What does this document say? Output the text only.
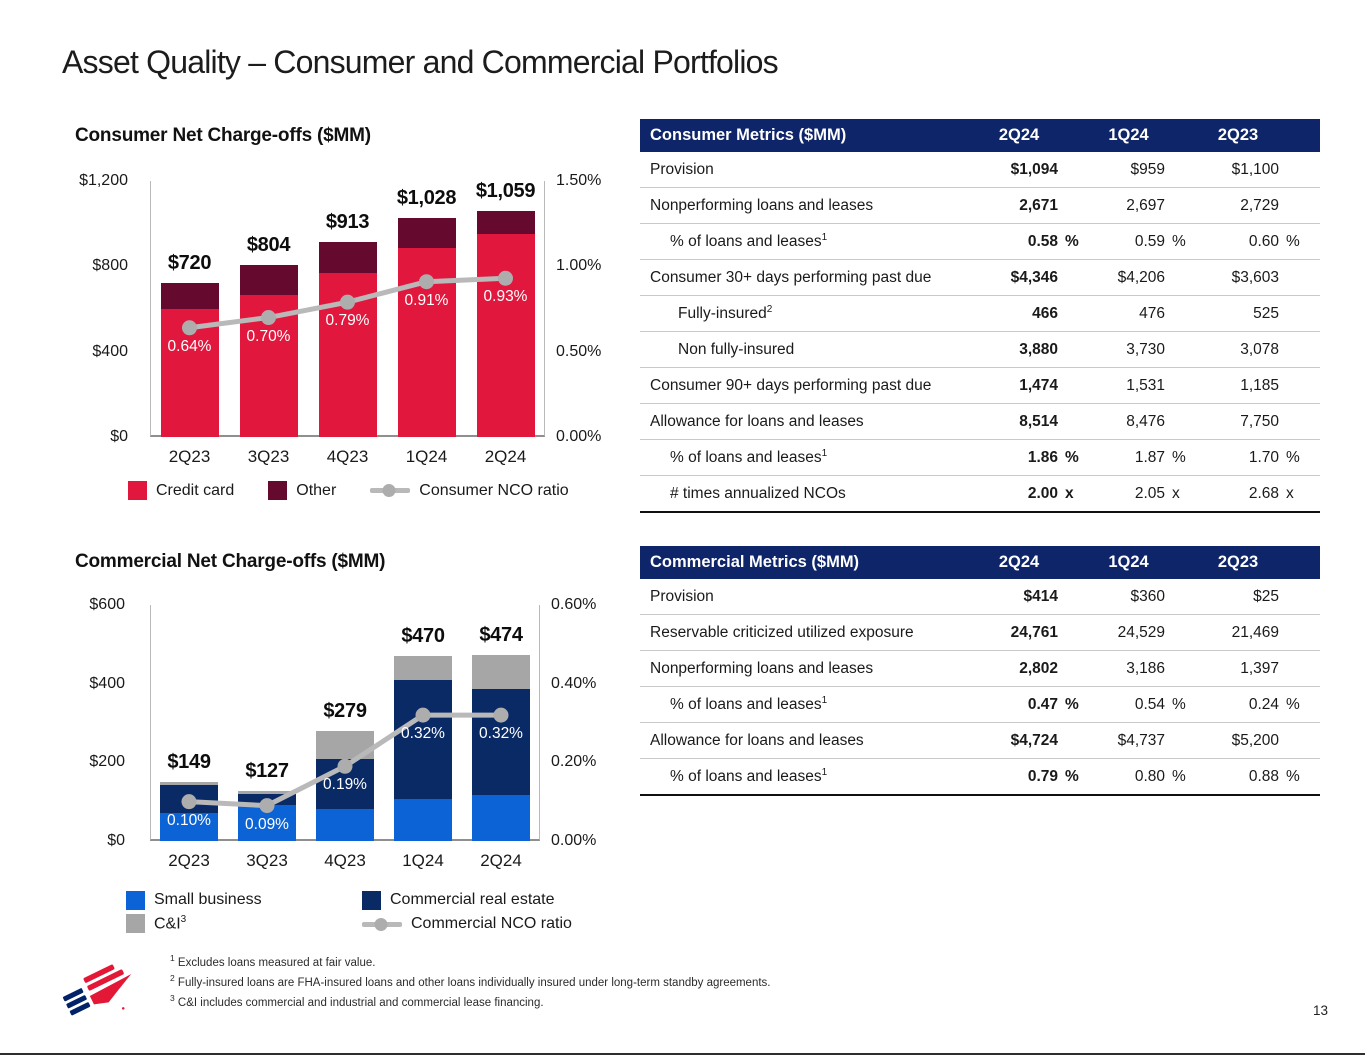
Asset Quality – Consumer and Commercial Portfolios
Consumer Net Charge-offs ($MM)
$1,200
$800
$400
$0
1.50%
1.00%
0.50%
0.00%
$720
2Q23
$804
3Q23
$913
4Q23
$1,028
1Q24
$1,059
2Q24
0.64%
0.70%
0.79%
0.91%	0.93%
Credit card	Other	Consumer NCO ratio
Commercial Net Charge-offs ($MM)
$600
$400
$200
$0
0.60%
0.40%
0.20%
0.00%
$149
2Q23
$127
3Q23
$279
4Q23
$470
1Q24
$474
2Q24
0.10%	0.09%
0.19%
0.32%	0.32%
Small business
$C\&I^3$
Commercial real estate
Commercial NCO ratio
Consumer Metrics ($MM)	2Q24	1Q24	2Q23
Provision	$1,094	$959	$1,100
Nonperforming loans and leases	2,671	2,697	2,729
% of loans and leases$^1$	0.58 %	0.59 %	0.60 %
Consumer 30+ days performing past due	$4,346	$4,206	$3,603
Fully-insured$^2$	466	476	525
Non fully-insured	3,880	3,730	3,078
Consumer 90+ days performing past due	1,474	1,531	1,185
Allowance for loans and leases	8,514	8,476	7,750
% of loans and leases$^1$	1.86 %	1.87 %	1.70 %
# times annualized NCOs	2.00 x	2.05 x	2.68 x
Commercial Metrics ($MM)	2Q24	1Q24	2Q23
Provision	$414	$360	$25
Reservable criticized utilized exposure	24,761	24,529	21,469
Nonperforming loans and leases	2,802	3,186	1,397
% of loans and leases$^1$	0.47 %	0.54 %	0.24 %
Allowance for loans and leases	$4,724	$4,737	$5,200
% of loans and leases$^1$	0.79 %	0.80 %	0.88 %
$^1$ Excludes loans measured at fair value.
$^2$ Fully-insured loans are FHA-insured loans and other loans individually insured under long-term standby agreements.
$^3$ C&I includes commercial and industrial and commercial lease financing.
13
